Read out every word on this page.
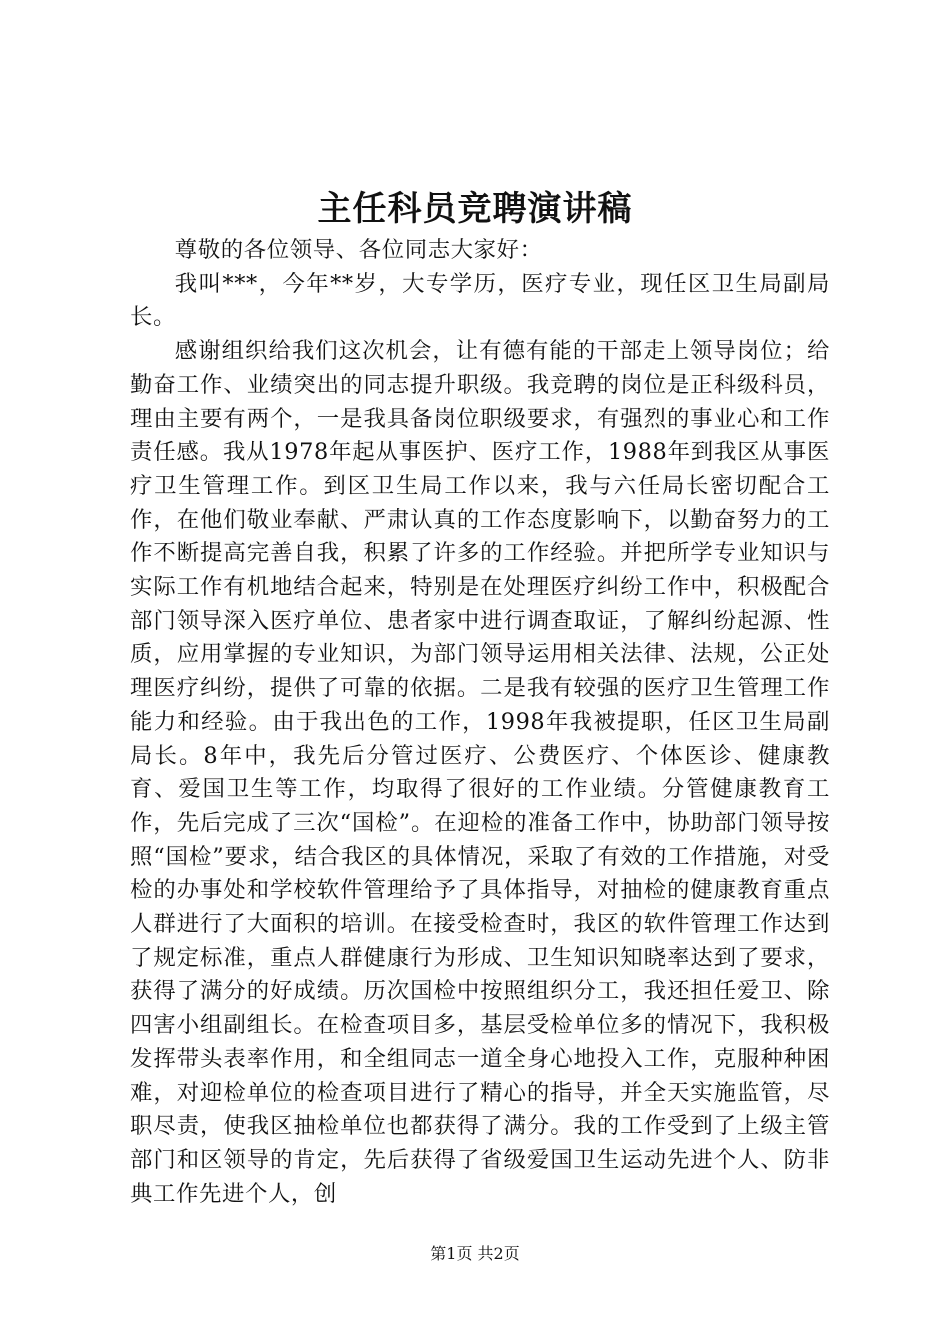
主任科员竞聘演讲稿

尊敬的各位领导、各位同志大家好：

我叫***，今年**岁，大专学历，医疗专业，现任区卫生局副局长。

感谢组织给我们这次机会，让有德有能的干部走上领导岗位；给勤奋工作、业绩突出的同志提升职级。我竞聘的岗位是正科级科员，理由主要有两个，一是我具备岗位职级要求，有强烈的事业心和工作责任感。我从1978年起从事医护、医疗工作，1988年到我区从事医疗卫生管理工作。到区卫生局工作以来，我与六任局长密切配合工作，在他们敬业奉献、严肃认真的工作态度影响下，以勤奋努力的工作不断提高完善自我，积累了许多的工作经验。并把所学专业知识与实际工作有机地结合起来，特别是在处理医疗纠纷工作中，积极配合部门领导深入医疗单位、患者家中进行调查取证，了解纠纷起源、性质，应用掌握的专业知识，为部门领导运用相关法律、法规，公正处理医疗纠纷，提供了可靠的依据。二是我有较强的医疗卫生管理工作能力和经验。由于我出色的工作，1998年我被提职，任区卫生局副局长。8年中，我先后分管过医疗、公费医疗、个体医诊、健康教育、爱国卫生等工作，均取得了很好的工作业绩。分管健康教育工作，先后完成了三次“国检”。在迎检的准备工作中，协助部门领导按照“国检”要求，结合我区的具体情况，采取了有效的工作措施，对受检的办事处和学校软件管理给予了具体指导，对抽检的健康教育重点人群进行了大面积的培训。在接受检查时，我区的软件管理工作达到了规定标准，重点人群健康行为形成、卫生知识知晓率达到了要求，获得了满分的好成绩。历次国检中按照组织分工，我还担任爱卫、除四害小组副组长。在检查项目多，基层受检单位多的情况下，我积极发挥带头表率作用，和全组同志一道全身心地投入工作，克服种种困难，对迎检单位的检查项目进行了精心的指导，并全天实施监管，尽职尽责，使我区抽检单位也都获得了满分。我的工作受到了上级主管部门和区领导的肯定，先后获得了省级爱国卫生运动先进个人、防非典工作先进个人，创

第1页 共2页
